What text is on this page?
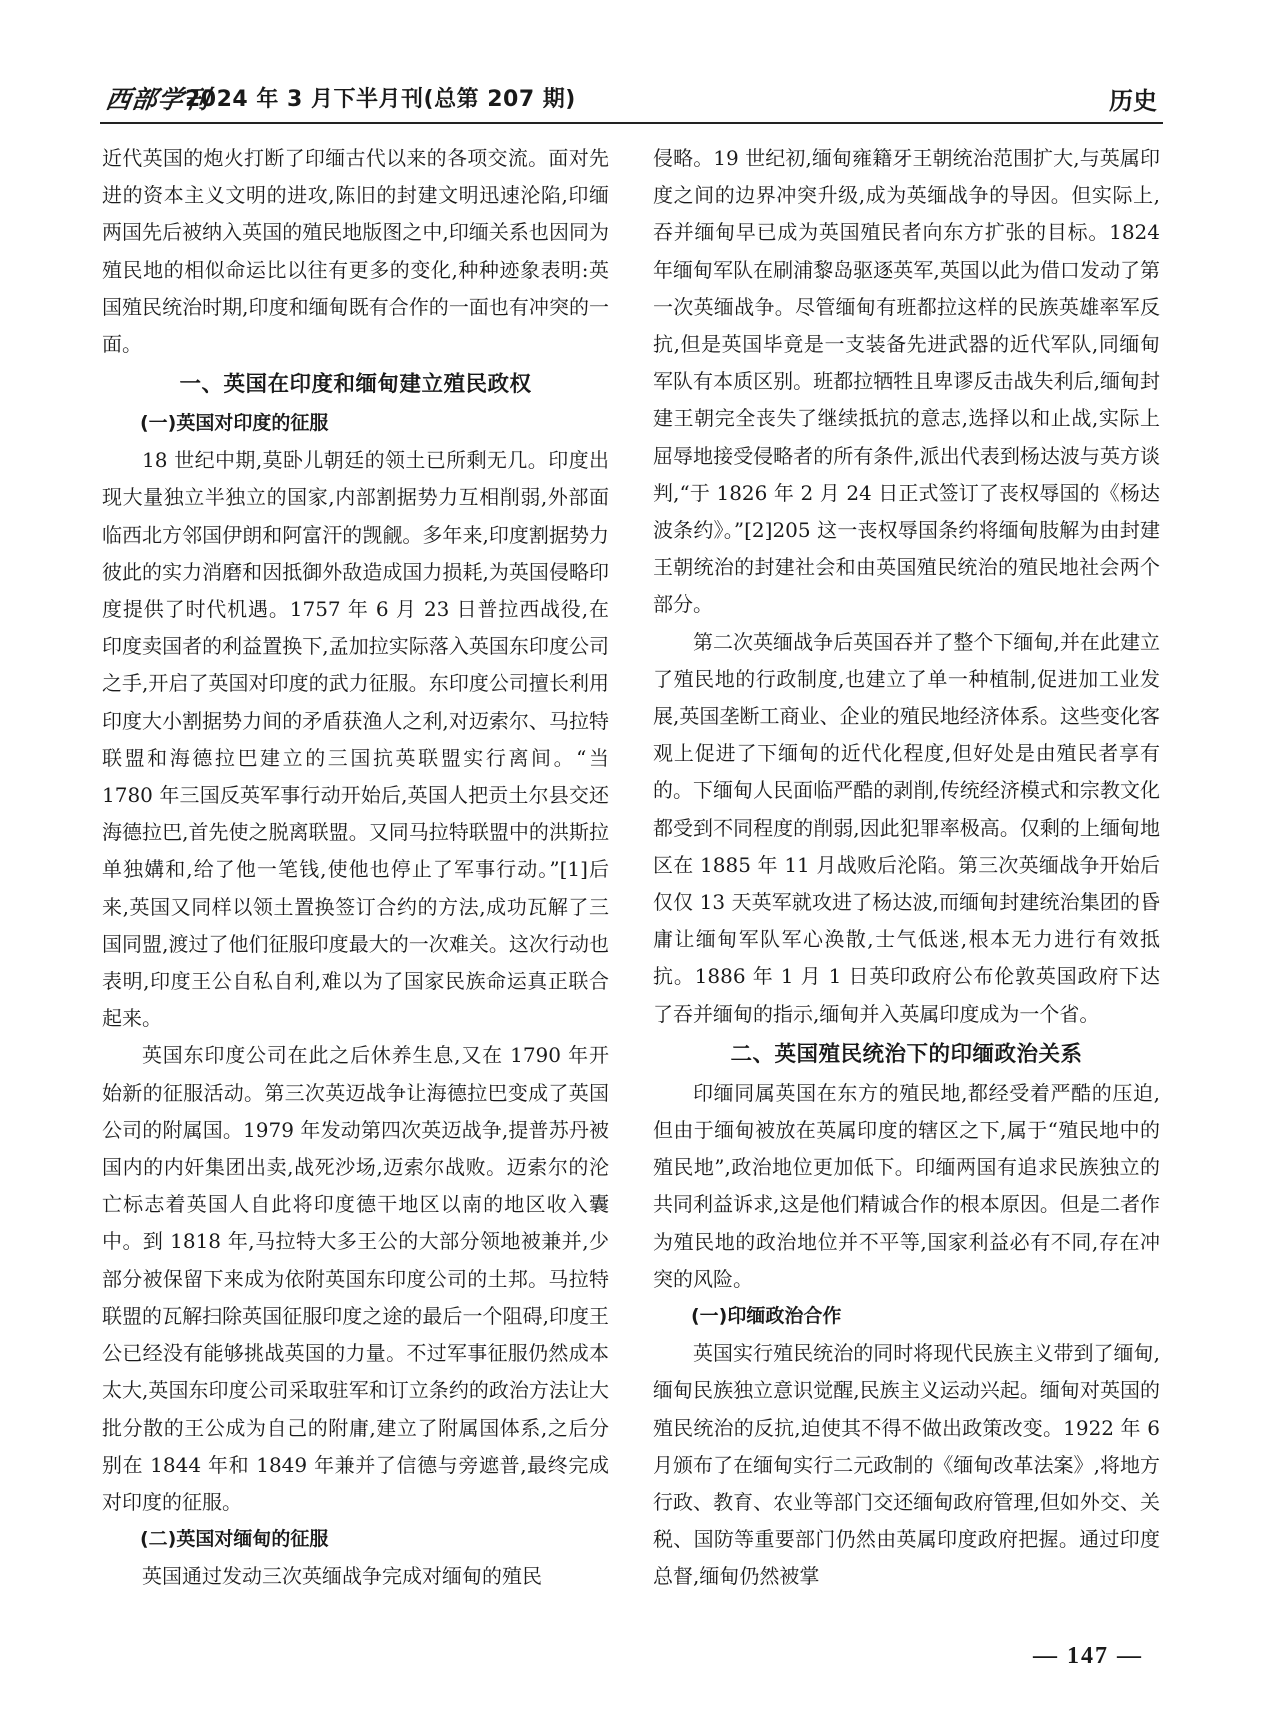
西部学刊
2024 年 3 月下半月刊(总第 207 期)	历史

近代英国的炮火打断了印缅古代以来的各项交流。面对先进的资本主义文明的进攻,陈旧的封建文明迅速沦陷,印缅两国先后被纳入英国的殖民地版图之中,印缅关系也因同为殖民地的相似命运比以往有更多的变化,种种迹象表明:英国殖民统治时期,印度和缅甸既有合作的一面也有冲突的一面。

一、英国在印度和缅甸建立殖民政权
(一)英国对印度的征服

18 世纪中期,莫卧儿朝廷的领土已所剩无几。印度出现大量独立半独立的国家,内部割据势力互相削弱,外部面临西北方邻国伊朗和阿富汗的觊觎。多年来,印度割据势力彼此的实力消磨和因抵御外敌造成国力损耗,为英国侵略印度提供了时代机遇。1757 年 6 月 23 日普拉西战役,在印度卖国者的利益置换下,孟加拉实际落入英国东印度公司之手,开启了英国对印度的武力征服。东印度公司擅长利用印度大小割据势力间的矛盾获渔人之利,对迈索尔、马拉特联盟和海德拉巴建立的三国抗英联盟实行离间。“当 1780 年三国反英军事行动开始后,英国人把贡土尔县交还海德拉巴,首先使之脱离联盟。又同马拉特联盟中的洪斯拉单独媾和,给了他一笔钱,使他也停止了军事行动。”[1]后来,英国又同样以领土置换签订合约的方法,成功瓦解了三国同盟,渡过了他们征服印度最大的一次难关。这次行动也表明,印度王公自私自利,难以为了国家民族命运真正联合起来。

英国东印度公司在此之后休养生息,又在 1790 年开始新的征服活动。第三次英迈战争让海德拉巴变成了英国公司的附属国。1979 年发动第四次英迈战争,提普苏丹被国内的内奸集团出卖,战死沙场,迈索尔战败。迈索尔的沦亡标志着英国人自此将印度德干地区以南的地区收入囊中。到 1818 年,马拉特大多王公的大部分领地被兼并,少部分被保留下来成为依附英国东印度公司的土邦。马拉特联盟的瓦解扫除英国征服印度之途的最后一个阻碍,印度王公已经没有能够挑战英国的力量。不过军事征服仍然成本太大,英国东印度公司采取驻军和订立条约的政治方法让大批分散的王公成为自己的附庸,建立了附属国体系,之后分别在 1844 年和 1849 年兼并了信德与旁遮普,最终完成对印度的征服。

(二)英国对缅甸的征服

英国通过发动三次英缅战争完成对缅甸的殖民

侵略。19 世纪初,缅甸雍籍牙王朝统治范围扩大,与英属印度之间的边界冲突升级,成为英缅战争的导因。但实际上,吞并缅甸早已成为英国殖民者向东方扩张的目标。1824 年缅甸军队在刷浦黎岛驱逐英军,英国以此为借口发动了第一次英缅战争。尽管缅甸有班都拉这样的民族英雄率军反抗,但是英国毕竟是一支装备先进武器的近代军队,同缅甸军队有本质区别。班都拉牺牲且卑谬反击战失利后,缅甸封建王朝完全丧失了继续抵抗的意志,选择以和止战,实际上屈辱地接受侵略者的所有条件,派出代表到杨达波与英方谈判,“于 1826 年 2 月 24 日正式签订了丧权辱国的《杨达波条约》。”[2]205 这一丧权辱国条约将缅甸肢解为由封建王朝统治的封建社会和由英国殖民统治的殖民地社会两个部分。

第二次英缅战争后英国吞并了整个下缅甸,并在此建立了殖民地的行政制度,也建立了单一种植制,促进加工业发展,英国垄断工商业、企业的殖民地经济体系。这些变化客观上促进了下缅甸的近代化程度,但好处是由殖民者享有的。下缅甸人民面临严酷的剥削,传统经济模式和宗教文化都受到不同程度的削弱,因此犯罪率极高。仅剩的上缅甸地区在 1885 年 11 月战败后沦陷。第三次英缅战争开始后仅仅 13 天英军就攻进了杨达波,而缅甸封建统治集团的昏庸让缅甸军队军心涣散,士气低迷,根本无力进行有效抵抗。1886 年 1 月 1 日英印政府公布伦敦英国政府下达了吞并缅甸的指示,缅甸并入英属印度成为一个省。

二、英国殖民统治下的印缅政治关系

印缅同属英国在东方的殖民地,都经受着严酷的压迫,但由于缅甸被放在英属印度的辖区之下,属于“殖民地中的殖民地”,政治地位更加低下。印缅两国有追求民族独立的共同利益诉求,这是他们精诚合作的根本原因。但是二者作为殖民地的政治地位并不平等,国家利益必有不同,存在冲突的风险。

(一)印缅政治合作

英国实行殖民统治的同时将现代民族主义带到了缅甸,缅甸民族独立意识觉醒,民族主义运动兴起。缅甸对英国的殖民统治的反抗,迫使其不得不做出政策改变。1922 年 6 月颁布了在缅甸实行二元政制的《缅甸改革法案》,将地方行政、教育、农业等部门交还缅甸政府管理,但如外交、关税、国防等重要部门仍然由英属印度政府把握。通过印度总督,缅甸仍然被掌

— 147 —
